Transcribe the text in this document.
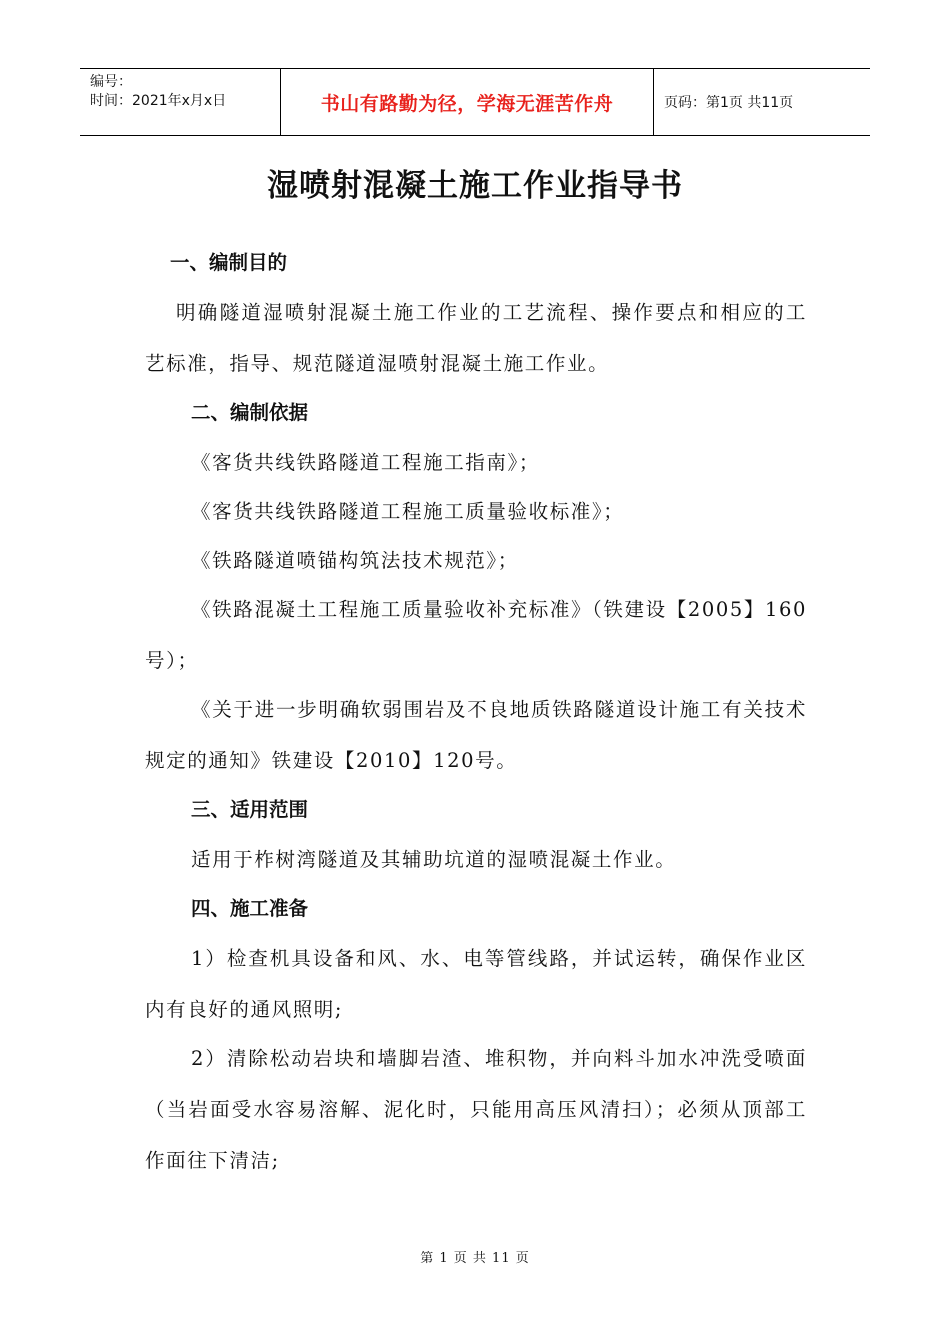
编号：
时间：2021年x月x日	书山有路勤为径，学海无涯苦作舟	页码：第1页 共11页
湿喷射混凝土施工作业指导书
一、编制目的

明确隧道湿喷射混凝土施工作业的工艺流程、操作要点和相应的工艺标准，指导、规范隧道湿喷射混凝土施工作业。

二、编制依据

《客货共线铁路隧道工程施工指南》；

《客货共线铁路隧道工程施工质量验收标准》；

《铁路隧道喷锚构筑法技术规范》；

《铁路混凝土工程施工质量验收补充标准》（铁建设【2005】160号）；

《关于进一步明确软弱围岩及不良地质铁路隧道设计施工有关技术规定的通知》铁建设【2010】120号。

三、适用范围

适用于柞树湾隧道及其辅助坑道的湿喷混凝土作业。

四、施工准备

1）检查机具设备和风、水、电等管线路，并试运转，确保作业区内有良好的通风照明;

2）清除松动岩块和墙脚岩渣、堆积物，并向料斗加水冲洗受喷面（当岩面受水容易溶解、泥化时，只能用高压风清扫）；必须从顶部工作面往下清洁;

第 1 页 共 11 页
